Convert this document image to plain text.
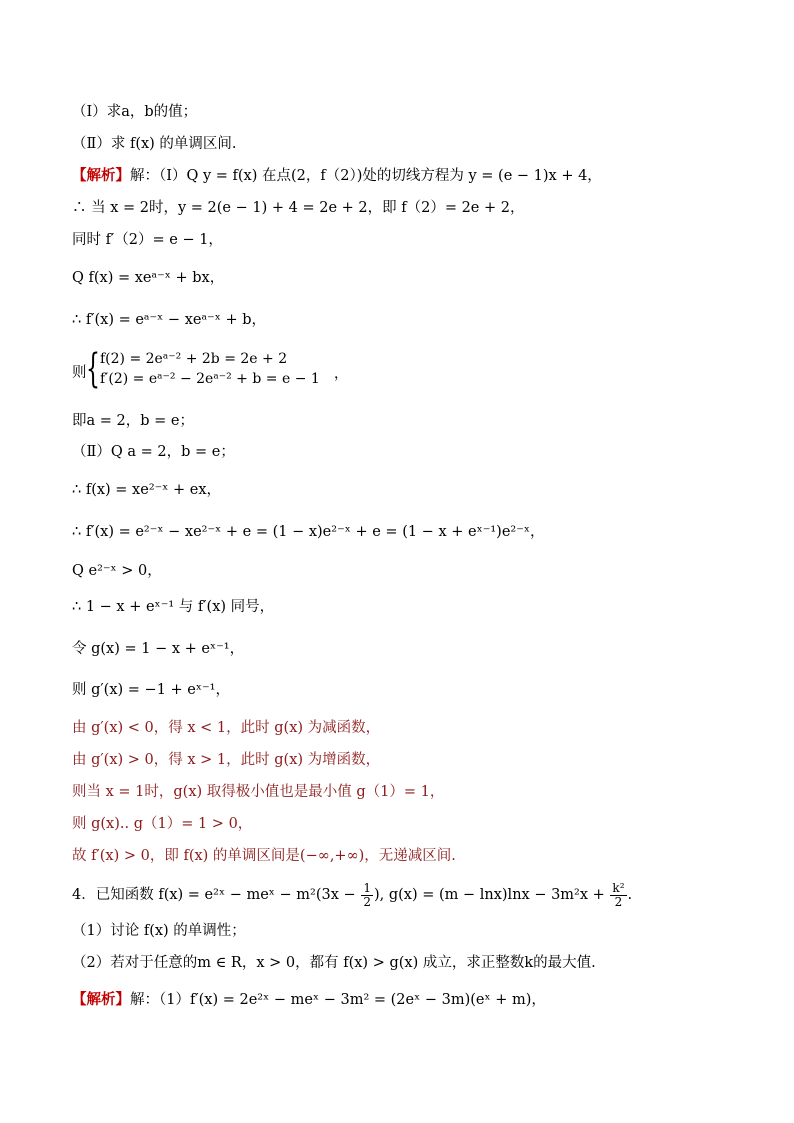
（Ⅰ）求a，b的值；
（Ⅱ）求 f(x) 的单调区间.
【解析】解：（Ⅰ）Q y = f(x) 在点(2，f（2）)处的切线方程为 y = (e − 1)x + 4，
∴ 当 x = 2时，y = 2(e − 1) + 4 = 2e + 2，即 f（2）= 2e + 2，
同时 f′（2）= e − 1，
Q f(x) = xeᵃ⁻ˣ + bx，
∴ f′(x) = eᵃ⁻ˣ − xeᵃ⁻ˣ + b，
则 { f(2) = 2eᵃ⁻² + 2b = 2e + 2
f′(2) = eᵃ⁻² − 2eᵃ⁻² + b = e − 1 ，
即a = 2，b = e；
（Ⅱ）Q a = 2，b = e；
∴ f(x) = xe²⁻ˣ + ex，
∴ f′(x) = e²⁻ˣ − xe²⁻ˣ + e = (1 − x)e²⁻ˣ + e = (1 − x + eˣ⁻¹)e²⁻ˣ，
Q e²⁻ˣ > 0，
∴ 1 − x + eˣ⁻¹ 与 f′(x) 同号，
令 g(x) = 1 − x + eˣ⁻¹，
则 g′(x) = −1 + eˣ⁻¹，
由 g′(x) < 0，得 x < 1，此时 g(x) 为减函数，
由 g′(x) > 0，得 x > 1，此时 g(x) 为增函数，
则当 x = 1时，g(x) 取得极小值也是最小值 g（1）= 1，
则 g(x).. g（1）= 1 > 0，
故 f′(x) > 0，即 f(x) 的单调区间是(−∞,+∞)，无递减区间.
4．已知函数 f(x) = e²ˣ − meˣ − $m^2(3x - \frac{1}{2}$ ), $g(x) = (m - \ln x)\ln x - 3m^2x + \frac{\text{k²}}{2}$ .
（1）讨论 f(x) 的单调性；
（2）若对于任意的m ∈ R，x > 0，都有 f(x) > g(x) 成立，求正整数k的最大值.
【解析】解：（1）f′(x) = 2e²ˣ − meˣ − 3m² = (2eˣ − 3m)(eˣ + m)，
